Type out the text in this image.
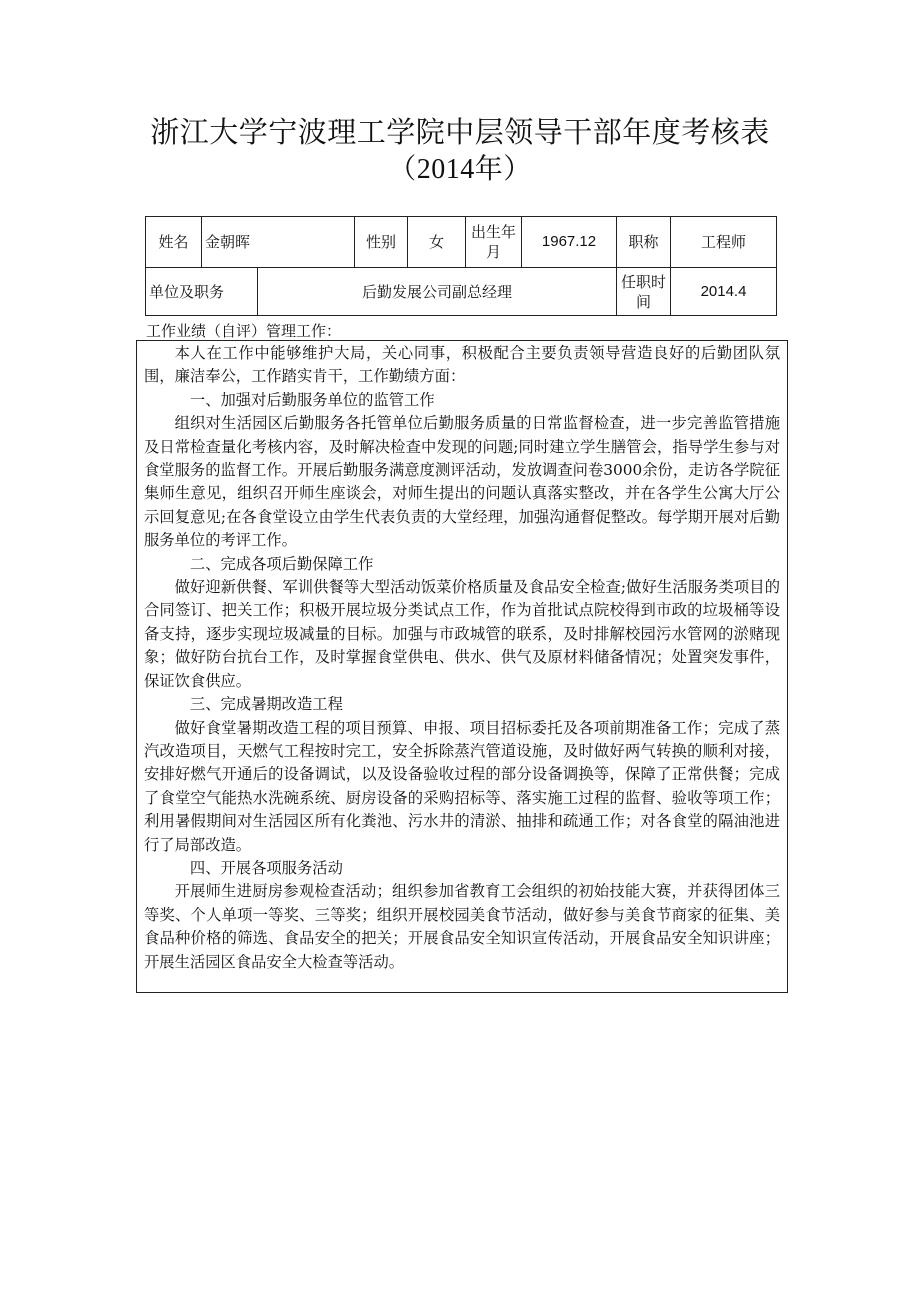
浙江大学宁波理工学院中层领导干部年度考核表
（2014年）
姓名	金朝晖		性别	女	出生年月	1967.12	职称	工程师
单位及职务		后勤发展公司副总经理					任职时间	2014.4
工作业绩（自评）管理工作：

本人在工作中能够维护大局，关心同事，积极配合主要负责领导营造良好的后勤团队氛围，廉洁奉公，工作踏实肯干，工作勤绩方面：

一、加强对后勤服务单位的监管工作

组织对生活园区后勤服务各托管单位后勤服务质量的日常监督检查，进一步完善监管措施及日常检查量化考核内容，及时解决检查中发现的问题;同时建立学生膳管会，指导学生参与对食堂服务的监督工作。开展后勤服务满意度测评活动，发放调查问卷3000余份，走访各学院征集师生意见，组织召开师生座谈会，对师生提出的问题认真落实整改，并在各学生公寓大厅公示回复意见;在各食堂设立由学生代表负责的大堂经理，加强沟通督促整改。每学期开展对后勤服务单位的考评工作。

二、完成各项后勤保障工作

做好迎新供餐、军训供餐等大型活动饭菜价格质量及食品安全检查;做好生活服务类项目的合同签订、把关工作；积极开展垃圾分类试点工作，作为首批试点院校得到市政的垃圾桶等设备支持，逐步实现垃圾减量的目标。加强与市政城管的联系，及时排解校园污水管网的淤赌现象；做好防台抗台工作，及时掌握食堂供电、供水、供气及原材料储备情况；处置突发事件，保证饮食供应。

三、完成暑期改造工程

做好食堂暑期改造工程的项目预算、申报、项目招标委托及各项前期准备工作；完成了蒸汽改造项目，天燃气工程按时完工，安全拆除蒸汽管道设施，及时做好两气转换的顺利对接，安排好燃气开通后的设备调试，以及设备验收过程的部分设备调换等，保障了正常供餐；完成了食堂空气能热水洗碗系统、厨房设备的采购招标等、落实施工过程的监督、验收等项工作；利用暑假期间对生活园区所有化粪池、污水井的清淤、抽排和疏通工作；对各食堂的隔油池进行了局部改造。

四、开展各项服务活动

开展师生进厨房参观检查活动；组织参加省教育工会组织的初始技能大赛，并获得团体三等奖、个人单项一等奖、三等奖；组织开展校园美食节活动，做好参与美食节商家的征集、美食品种价格的筛选、食品安全的把关；开展食品安全知识宣传活动，开展食品安全知识讲座；开展生活园区食品安全大检查等活动。
